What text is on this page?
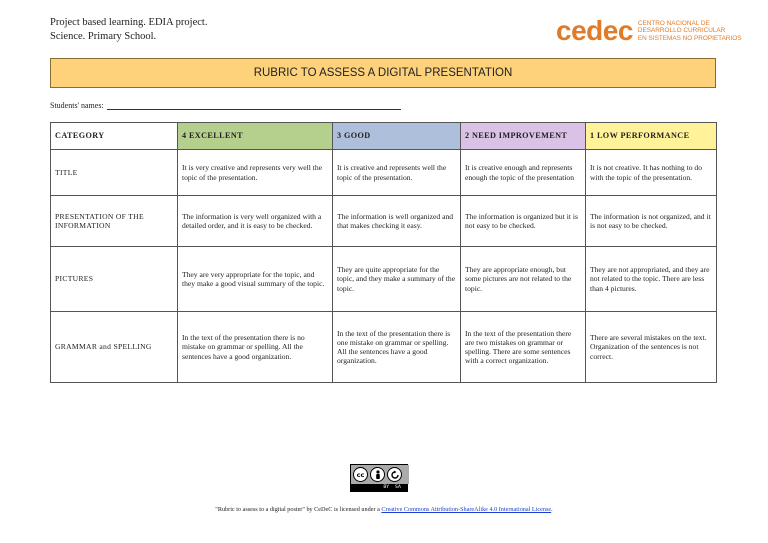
Project based learning. EDIA project.
Science. Primary School.	cedec CENTRO NACIONAL DE
DESARROLLO CURRICULAR
EN SISTEMAS NO PROPIETARIOS
RUBRIC TO ASSESS A DIGITAL PRESENTATION
Students' names:
CATEGORY	4 EXCELLENT	3 GOOD	2 NEED IMPROVEMENT	1 LOW PERFORMANCE
TITLE	It is very creative and represents very well the topic of the presentation.	It is creative and represents well the topic of the presentation.	It is creative enough and represents enough the topic of the presentation	It is not creative. It has nothing to do with the topic of the presentation.
PRESENTATION OF THE INFORMATION	The information is very well organized with a detailed order, and it is easy to be checked.	The information is well organized and that makes checking it easy.	The information is organized but it is not easy to be checked.	The information is not organized, and it is not easy to be checked.
PICTURES	They are very appropriate for the topic, and they make a good visual summary of the topic.	They are quite appropriate for the topic, and they make a summary of the topic.	They are appropriate enough, but some pictures are not related to the topic.	They are not appropriated, and they are not related to the topic. There are less than 4 pictures.
GRAMMAR and SPELLING	In the text of the presentation there is no mistake on grammar or spelling. All the sentences have a good organization.	In the text of the presentation there is one mistake on grammar or spelling. All the sentences have a good organization.	In the text of the presentation there are two mistakes on grammar or spelling. There are some sentences with a correct organization.	There are several mistakes on the text. Organization of the sentences is not correct.
cc
BY SA
"Rubric to assess to a digital poster" by CeDeC is licensed under a Creative Commons Attribution-ShareAlike 4.0 International License.
